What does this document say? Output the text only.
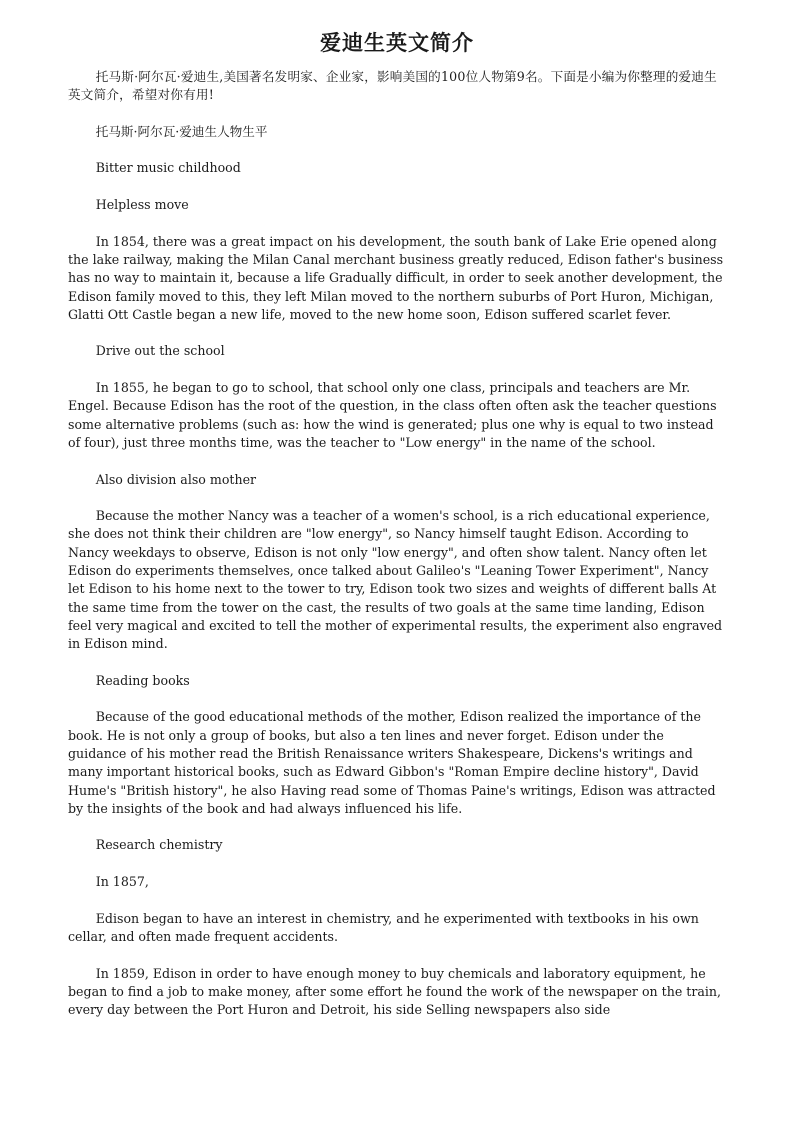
爱迪生英文简介

托马斯·阿尔瓦·爱迪生,美国著名发明家、企业家，影响美国的100位人物第9名。下面是小编为你整理的爱迪生英文简介，希望对你有用!

托马斯·阿尔瓦·爱迪生人物生平

Bitter music childhood

Helpless move

In 1854, there was a great impact on his development, the south bank of Lake Erie opened along the lake railway, making the Milan Canal merchant business greatly reduced, Edison father's business has no way to maintain it, because a life Gradually difficult, in order to seek another development, the Edison family moved to this, they left Milan moved to the northern suburbs of Port Huron, Michigan, Glatti Ott Castle began a new life, moved to the new home soon, Edison suffered scarlet fever.

Drive out the school

In 1855, he began to go to school, that school only one class, principals and teachers are Mr. Engel. Because Edison has the root of the question, in the class often often ask the teacher questions some alternative problems (such as: how the wind is generated; plus one why is equal to two instead of four), just three months time, was the teacher to "Low energy" in the name of the school.

Also division also mother

Because the mother Nancy was a teacher of a women's school, is a rich educational experience, she does not think their children are "low energy", so Nancy himself taught Edison. According to Nancy weekdays to observe, Edison is not only "low energy", and often show talent. Nancy often let Edison do experiments themselves, once talked about Galileo's "Leaning Tower Experiment", Nancy let Edison to his home next to the tower to try, Edison took two sizes and weights of different balls At the same time from the tower on the cast, the results of two goals at the same time landing, Edison feel very magical and excited to tell the mother of experimental results, the experiment also engraved in Edison mind.

Reading books

Because of the good educational methods of the mother, Edison realized the importance of the book. He is not only a group of books, but also a ten lines and never forget. Edison under the guidance of his mother read the British Renaissance writers Shakespeare, Dickens's writings and many important historical books, such as Edward Gibbon's "Roman Empire decline history", David Hume's "British history", he also Having read some of Thomas Paine's writings, Edison was attracted by the insights of the book and had always influenced his life.

Research chemistry

In 1857,

Edison began to have an interest in chemistry, and he experimented with textbooks in his own cellar, and often made frequent accidents.

In 1859, Edison in order to have enough money to buy chemicals and laboratory equipment, he began to find a job to make money, after some effort he found the work of the newspaper on the train, every day between the Port Huron and Detroit, his side Selling newspapers also side
